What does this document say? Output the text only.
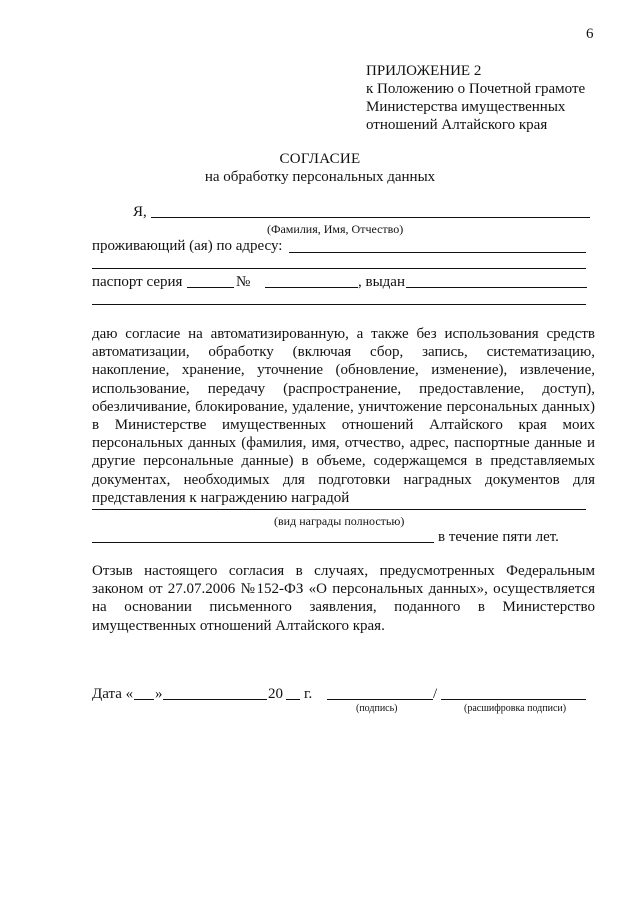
6
ПРИЛОЖЕНИЕ 2
к Положению о Почетной грамоте
Министерства имущественных
отношений Алтайского края
СОГЛАСИЕ
на обработку персональных данных
Я,
(Фамилия, Имя, Отчество)
проживающий (ая) по адресу:
паспорт серия	№	, выдан
даю согласие на автоматизированную, а также без использования средств автоматизации, обработку (включая сбор, запись, систематизацию, накопление, хранение, уточнение (обновление, изменение), извлечение, использование, передачу (распространение, предоставление, доступ), обезличивание, блокирование, удаление, уничтожение персональных данных) в Министерстве имущественных отношений Алтайского края моих персональных данных (фамилия, имя, отчество, адрес, паспортные данные и другие персональные данные) в объеме, содержащемся в представляемых документах, необходимых для подготовки наградных документов для представления к награждению наградой
(вид награды полностью)
в течение пяти лет.
Отзыв настоящего согласия в случаях, предусмотренных Федеральным законом от 27.07.2006 №152-ФЗ «О персональных данных», осуществляется на основании письменного заявления, поданного в Министерство имущественных отношений Алтайского края.
Дата « »	20 г.	/
(подпись)	(расшифровка подписи)
